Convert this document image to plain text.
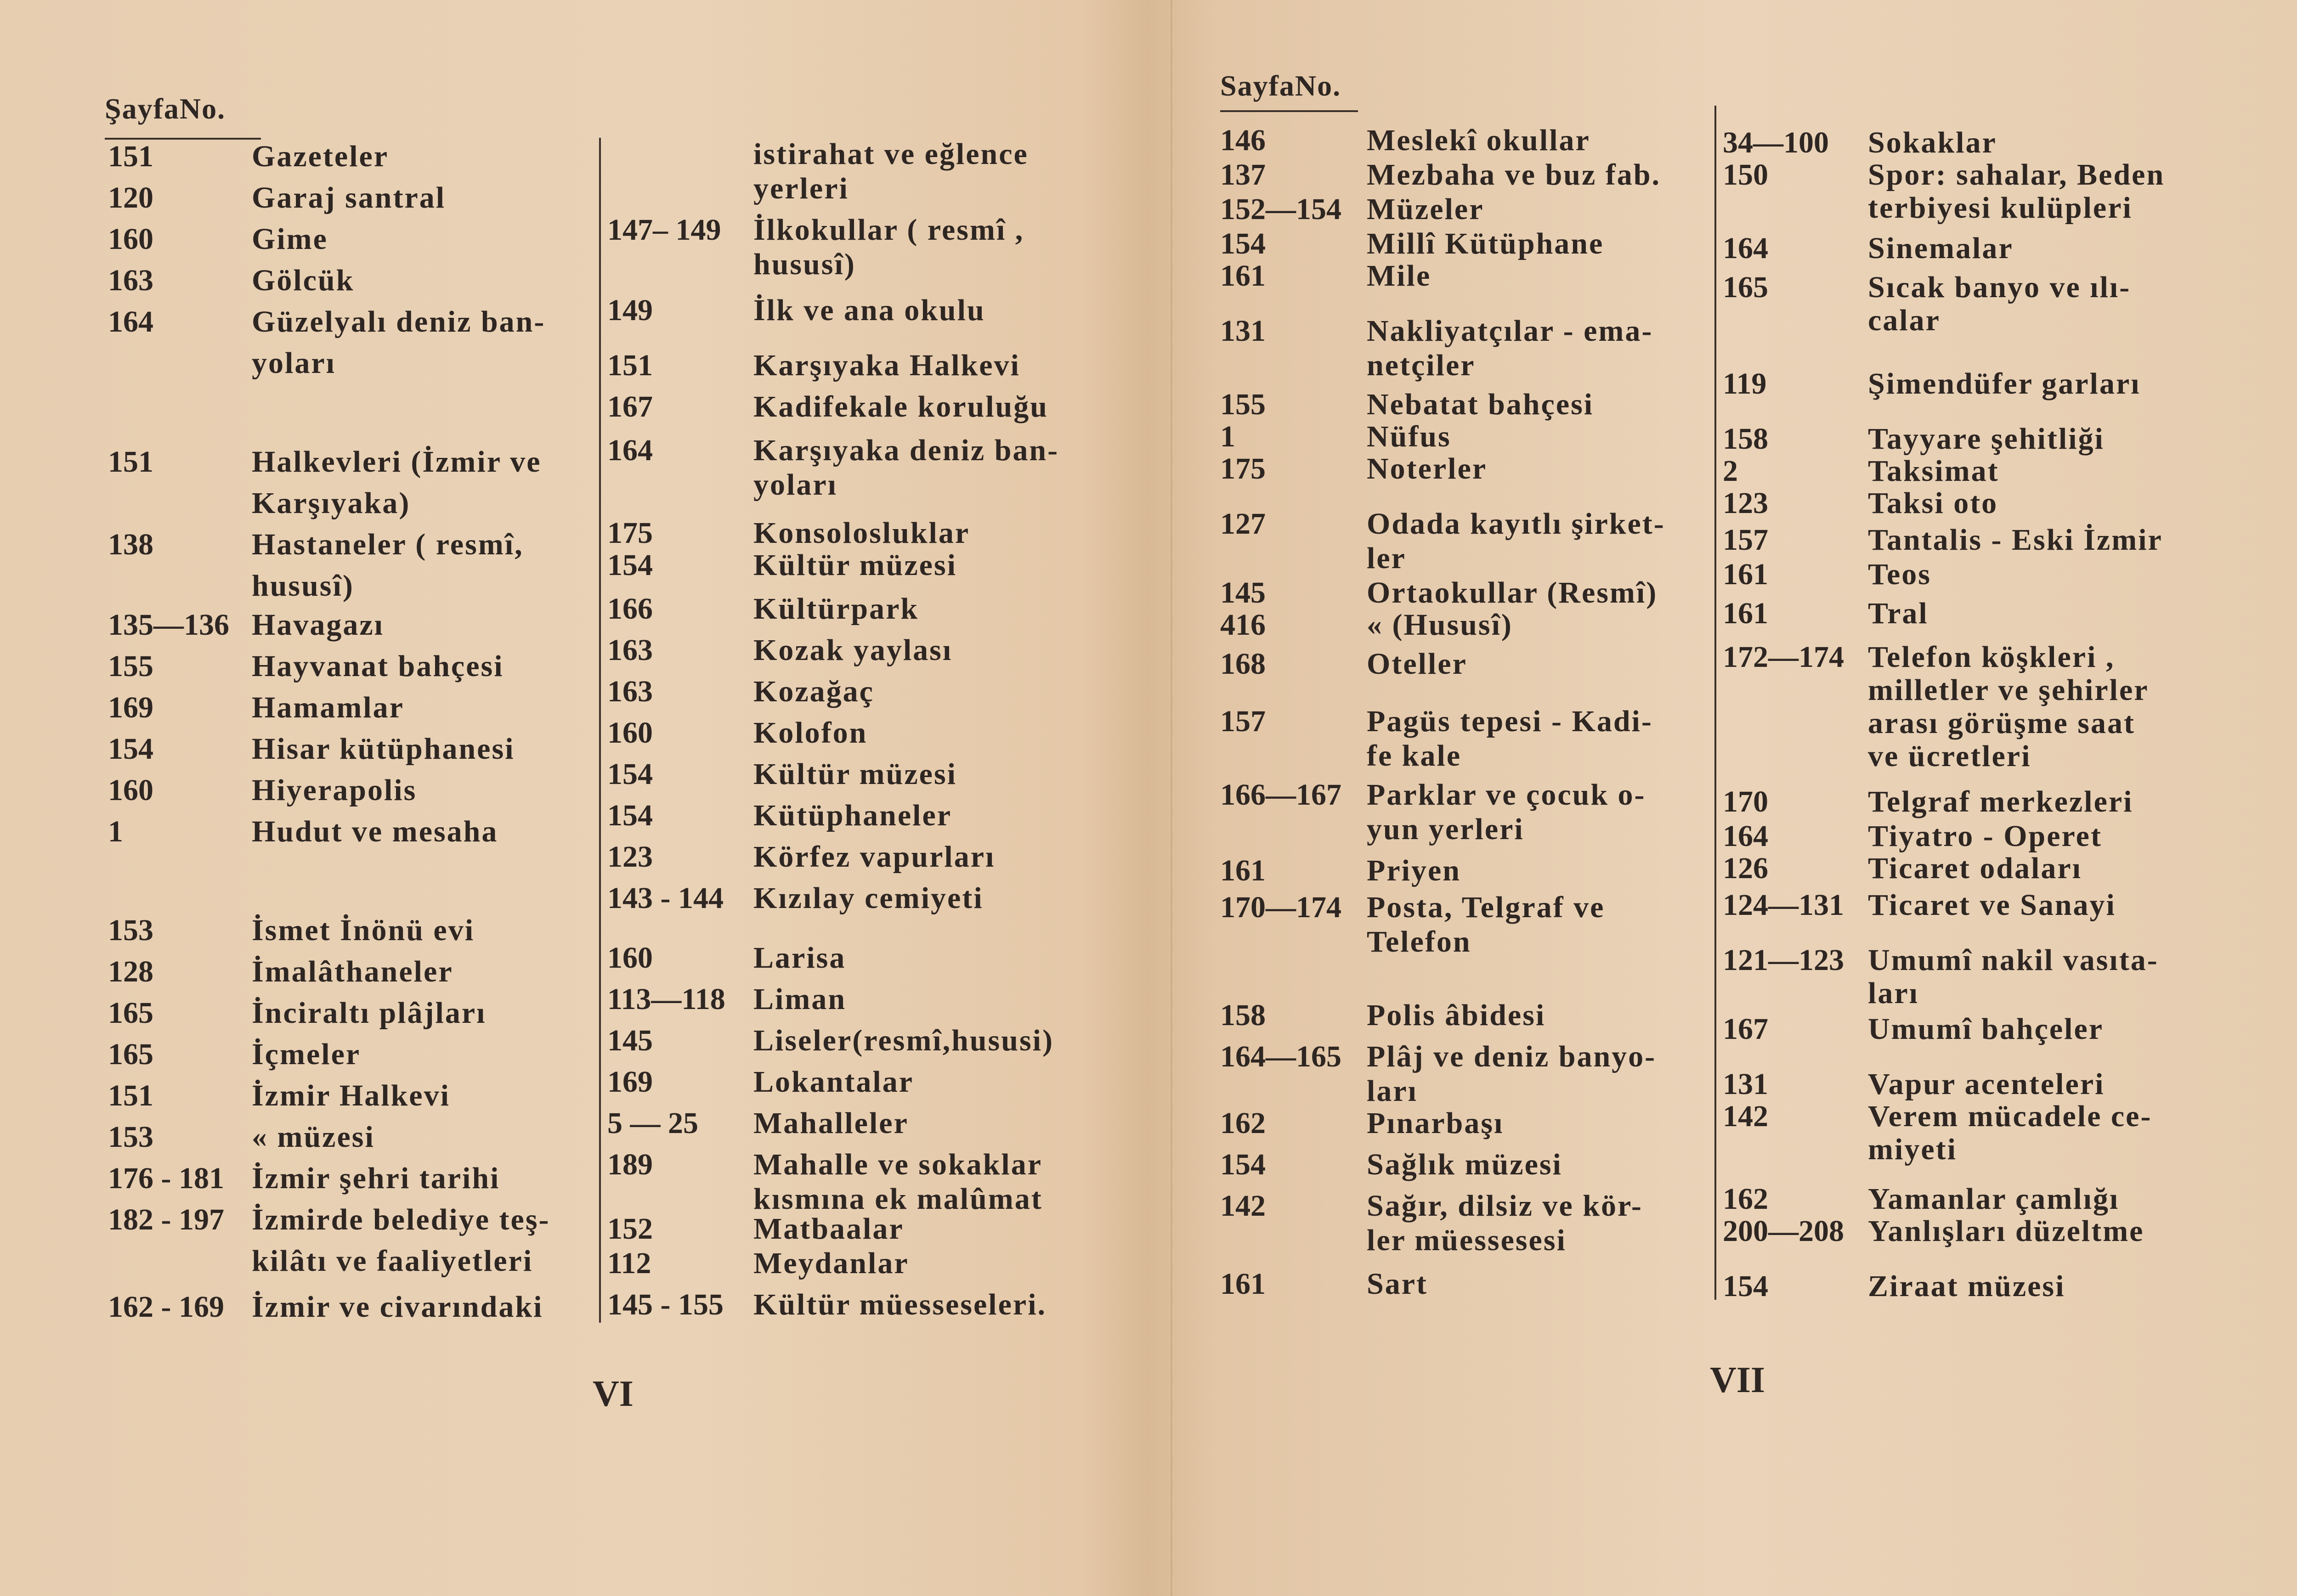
ŞayfaNo.
151	Gazeteler
120	Garaj santral
160	Gime
163	Gölcük
164	Güzelyalı deniz ban-
yoları
151	Halkevleri (İzmir ve
Karşıyaka)
138	Hastaneler ( resmî,
hususî)
135—136 Havagazı
155	Hayvanat bahçesi
169	Hamamlar
154	Hisar kütüphanesi
160	Hiyerapolis
1	Hudut ve mesaha
153	İsmet İnönü evi
128	İmalâthaneler
165	İnciraltı plâjları
165	İçmeler
151	İzmir Halkevi
153	« müzesi
176 - 181 İzmir şehri tarihi
182 - 197 İzmirde belediye teş-
kilâtı ve faaliyetleri
162 - 169 İzmir ve civarındaki
istirahat ve eğlence
yerleri
147– 149 İlkokullar ( resmî ,
hususî)
149	İlk ve ana okulu
151	Karşıyaka Halkevi
167	Kadifekale koruluğu
164	Karşıyaka deniz ban-
yoları
175	Konsolosluklar
154	Kültür müzesi
166	Kültürpark
163	Kozak yaylası
163	Kozağaç
160	Kolofon
154	Kültür müzesi
154	Kütüphaneler
123	Körfez vapurları
143 - 144 Kızılay cemiyeti
160	Larisa
113—118 Liman
145	Liseler(resmî,hususi)
169	Lokantalar
5 — 25 Mahalleler
189	Mahalle ve sokaklar
kısmına ek malûmat
152	Matbaalar
112	Meydanlar
145 - 155 Kültür müesseseleri.
VI
SayfaNo.
146	Meslekî okullar
137	Mezbaha ve buz fab.
152—154 Müzeler
154	Millî Kütüphane
161	Mile
131	Nakliyatçılar - ema-
netçiler
155	Nebatat bahçesi
1	Nüfus
175	Noterler
127	Odada kayıtlı şirket-
ler
145	Ortaokullar (Resmî)
416	« (Hususî)
168	Oteller
157	Pagüs tepesi - Kadi-
fe kale
166—167 Parklar ve çocuk o-
yun yerleri
161	Priyen
170—174 Posta, Telgraf ve
Telefon
158	Polis âbidesi
164—165 Plâj ve deniz banyo-
ları
162	Pınarbaşı
154	Sağlık müzesi
142	Sağır, dilsiz ve kör-
ler müessesesi
161	Sart
34—100 Sokaklar
150	Spor: sahalar, Beden
terbiyesi kulüpleri
164	Sinemalar
165	Sıcak banyo ve ılı-
calar
119	Şimendüfer garları
158	Tayyare şehitliği
2	Taksimat
123	Taksi oto
157	Tantalis - Eski İzmir
161	Teos
161	Tral
172—174 Telefon köşkleri ,
milletler ve şehirler
arası görüşme saat
ve ücretleri
170	Telgraf merkezleri
164	Tiyatro - Operet
126	Ticaret odaları
124—131 Ticaret ve Sanayi
121—123 Umumî nakil vasıta-
ları
167	Umumî bahçeler
131	Vapur acenteleri
142	Verem mücadele ce-
miyeti
162	Yamanlar çamlığı
200—208 Yanlışları düzeltme
154	Ziraat müzesi
VII
